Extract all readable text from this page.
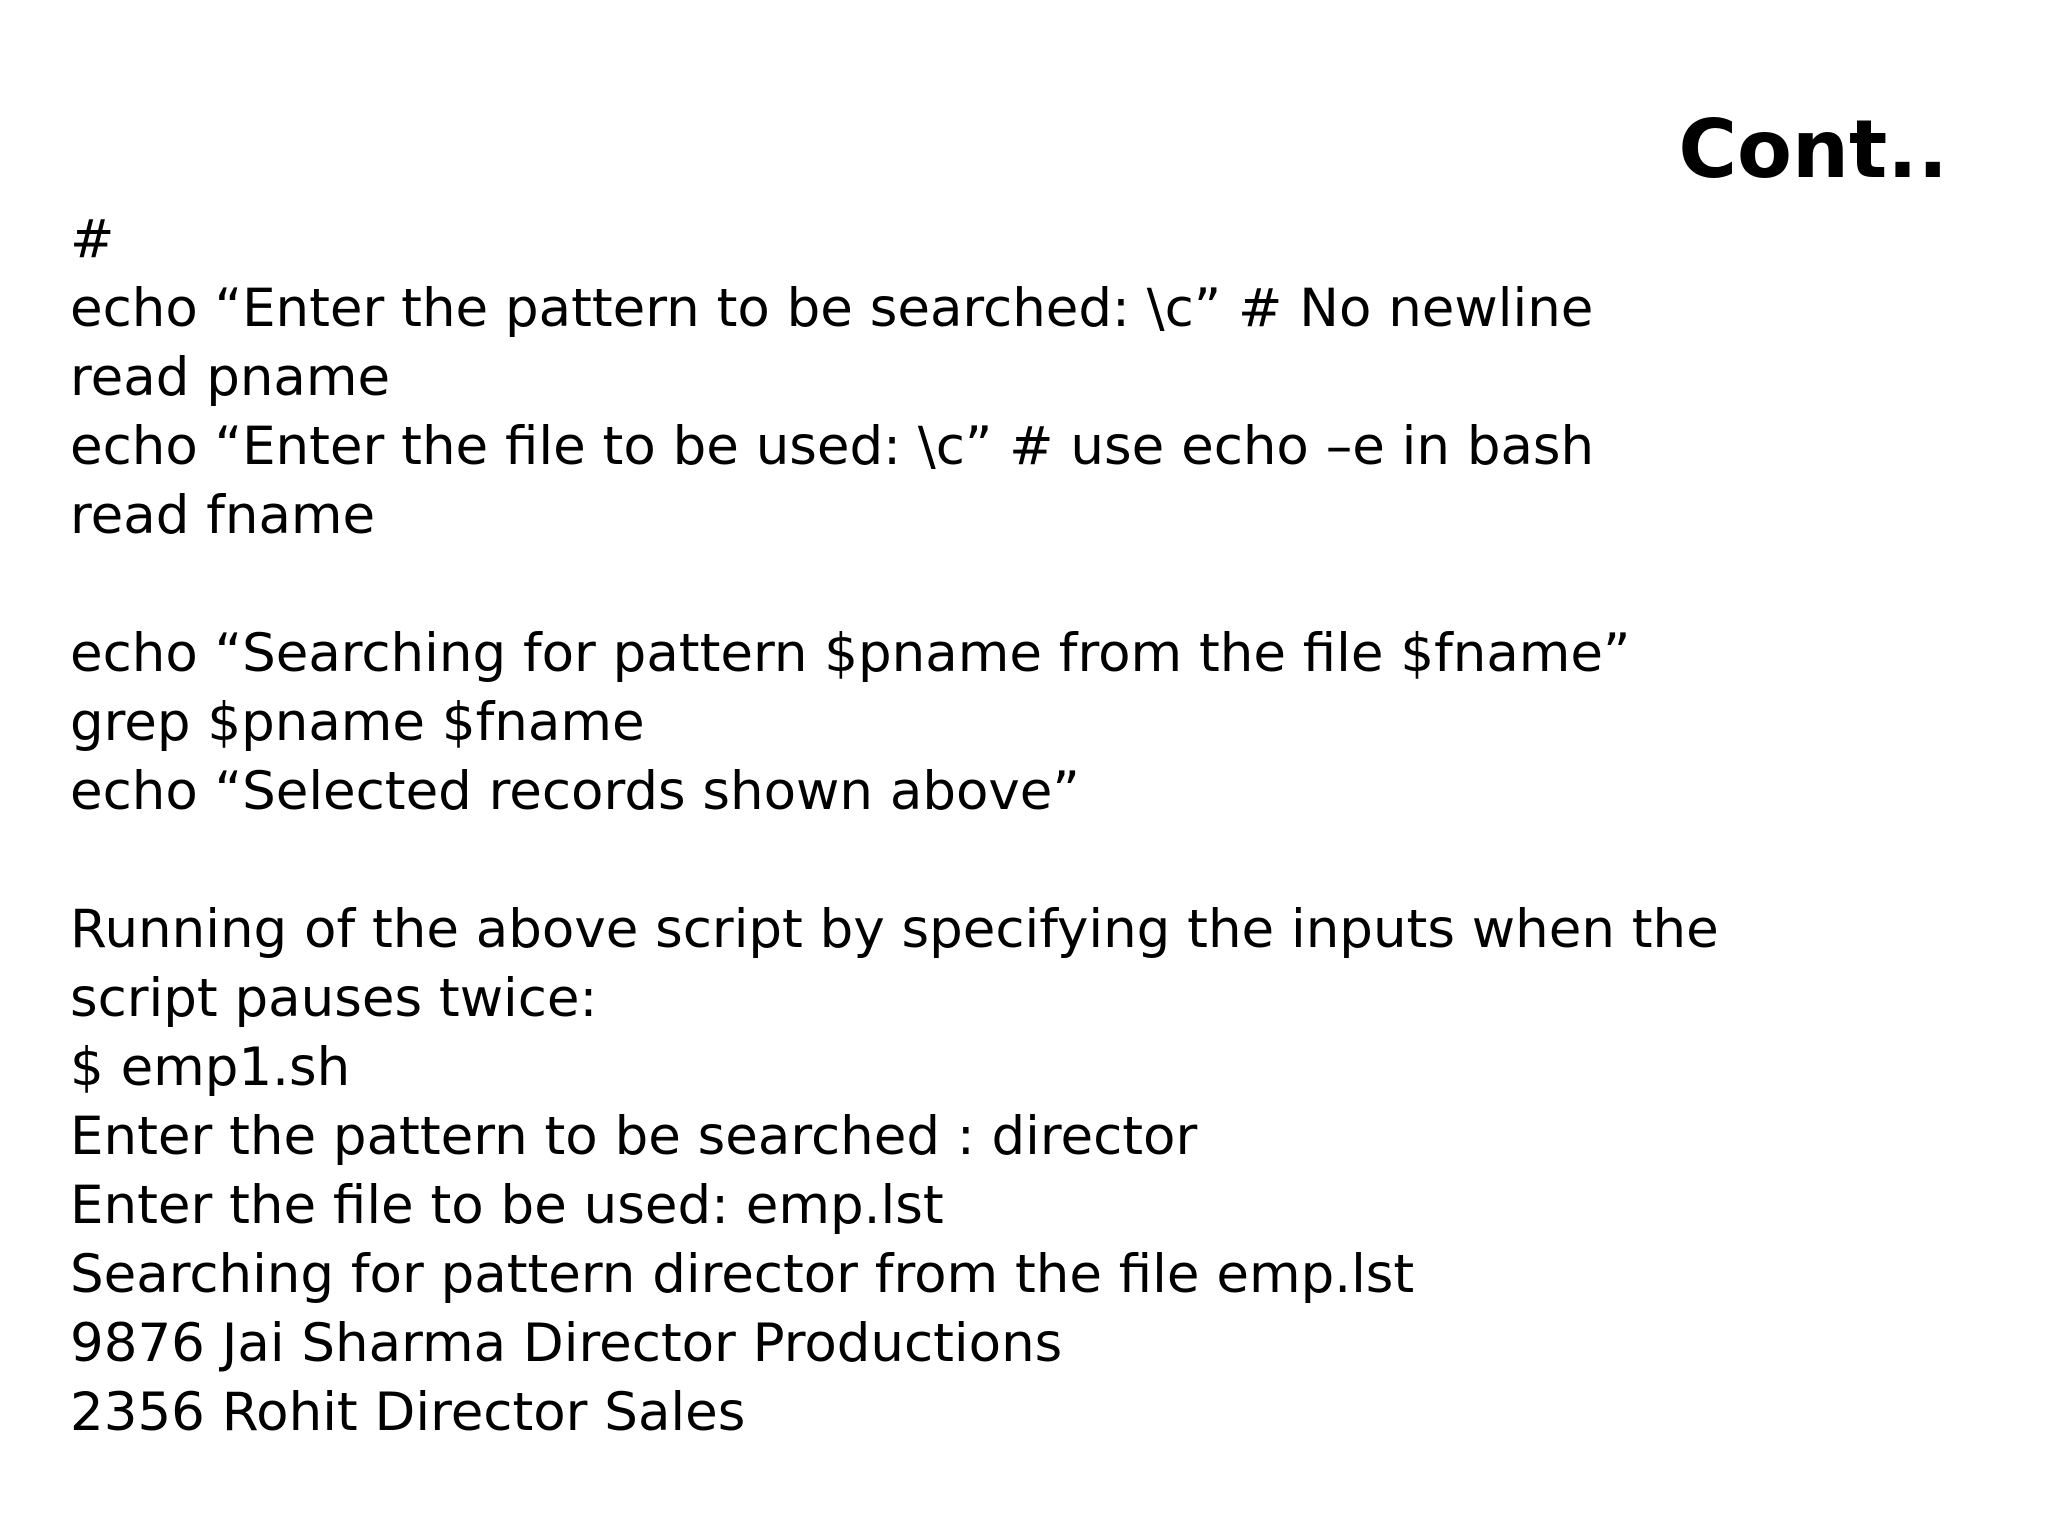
Cont..
#
echo “Enter the pattern to be searched: \c” # No newline
read pname
echo “Enter the file to be used: \c” # use echo –e in bash
read fname
echo “Searching for pattern $pname from the file $fname”
grep $pname $fname
echo “Selected records shown above”
Running of the above script by specifying the inputs when the
script pauses twice:
$ emp1.sh
Enter the pattern to be searched : director
Enter the file to be used: emp.lst
Searching for pattern director from the file emp.lst
9876 Jai Sharma Director Productions
2356 Rohit Director Sales
